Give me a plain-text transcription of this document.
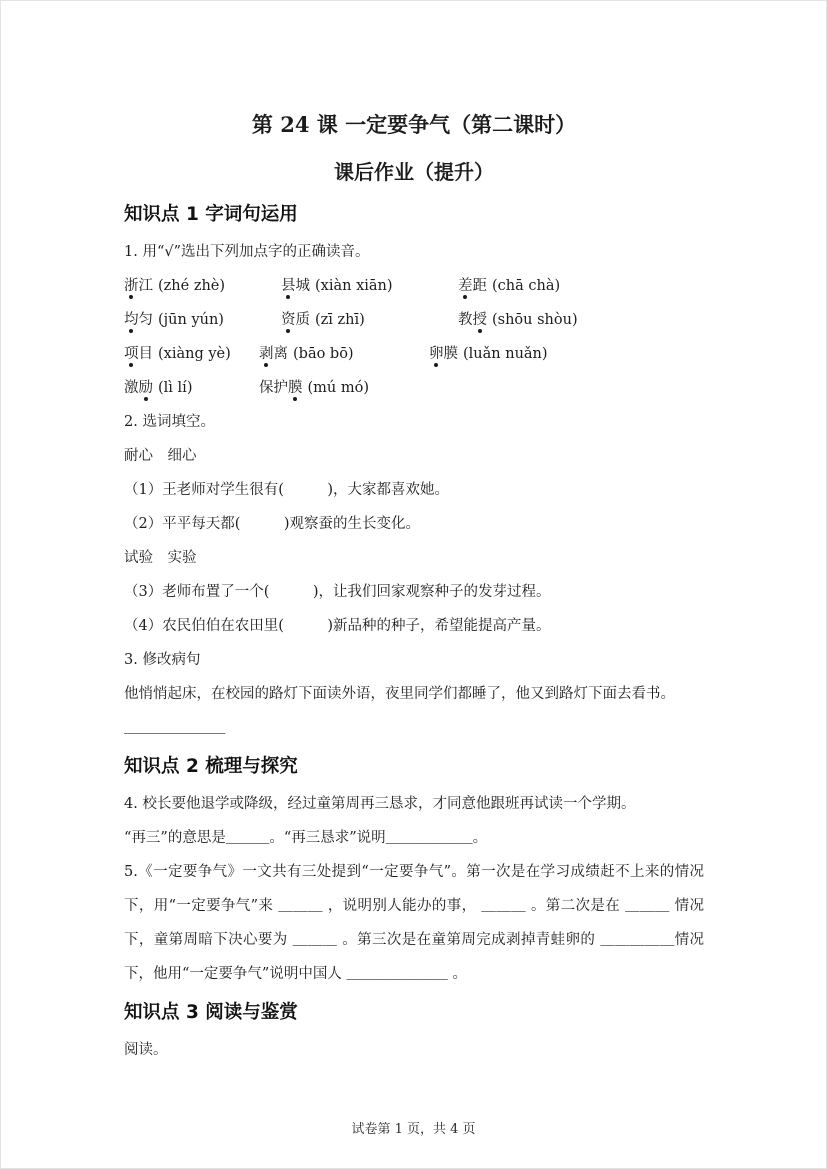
第 24 课 一定要争气（第二课时）
课后作业（提升）
知识点 1 字词句运用

1. 用“√”选出下列加点字的正确读音。

浙江 (zhé zhè)	县城 (xiàn xiān)	差距 (chā chà)
均匀 (jūn yún)	资质 (zī zhī)	教授 (shōu shòu)
项目 (xiàng yè)	剥离 (bāo bō)	卵膜 (luǎn nuǎn)
激励 (lì lí)	保护膜 (mú mó)

2. 选词填空。

耐心　细心

（1）王老师对学生很有(　　　)，大家都喜欢她。

（2）平平每天都(　　　)观察蚕的生长变化。

试验　实验

（3）老师布置了一个(　　　)，让我们回家观察种子的发芽过程。

（4）农民伯伯在农田里(　　　)新品种的种子，希望能提高产量。

3. 修改病句

他悄悄起床，在校园的路灯下面读外语，夜里同学们都睡了，他又到路灯下面去看书。

＿＿＿＿＿＿＿

知识点 2 梳理与探究

4. 校长要他退学或降级，经过童第周再三恳求，才同意他跟班再试读一个学期。

“再三”的意思是＿＿＿。“再三恳求”说明＿＿＿＿＿＿。

5.《一定要争气》一文共有三处提到“一定要争气”。第一次是在学习成绩赶不上来的情况下，用“一定要争气”来 ＿＿＿ ，说明别人能办的事， ＿＿＿ 。第二次是在 ＿＿＿ 情况下，童第周暗下决心要为 ＿＿＿ 。第三次是在童第周完成剥掉青蛙卵的 ＿＿＿＿＿情况下，他用“一定要争气”说明中国人 ＿＿＿＿＿＿＿ 。

知识点 3 阅读与鉴赏

阅读。

试卷第 1 页，共 4 页
